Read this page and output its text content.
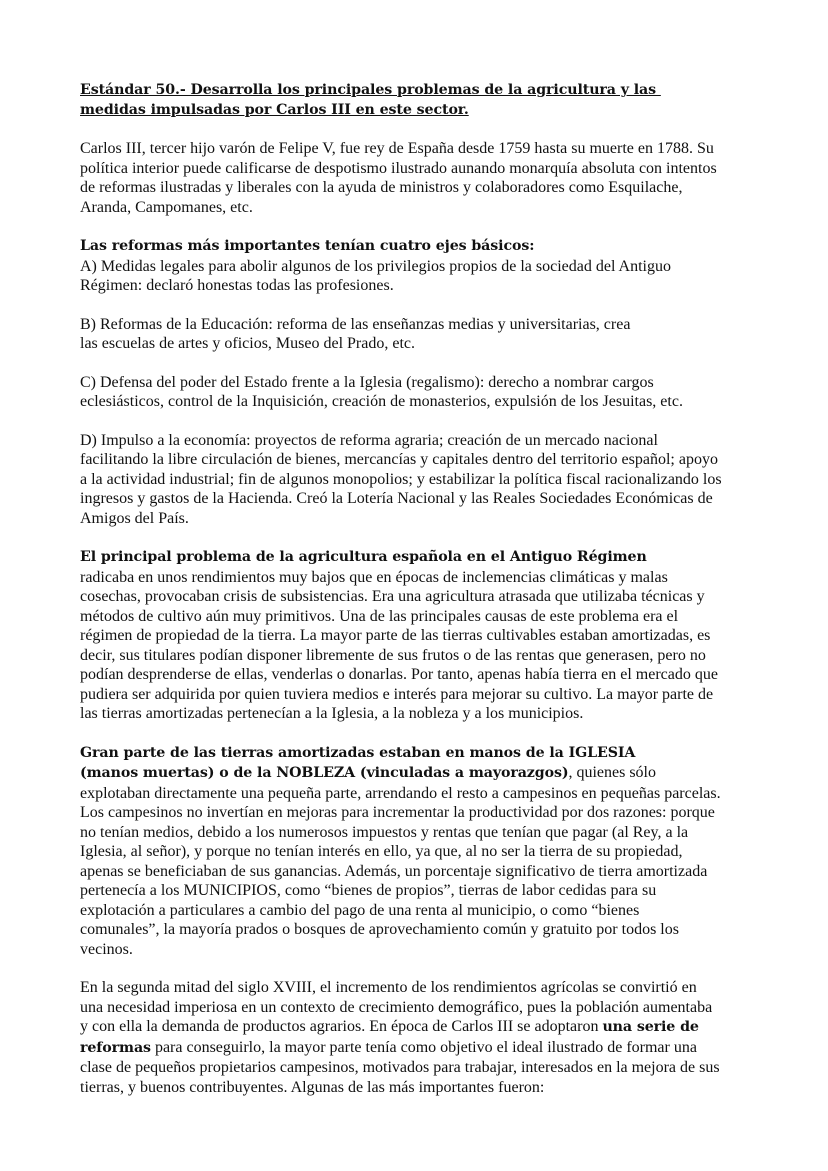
Estándar 50.- Desarrolla los principales problemas de la agricultura y las
medidas impulsadas por Carlos III en este sector.
Carlos III, tercer hijo varón de Felipe V, fue rey de España desde 1759 hasta su muerte en 1788. Su
política interior puede calificarse de despotismo ilustrado aunando monarquía absoluta con intentos
de reformas ilustradas y liberales con la ayuda de ministros y colaboradores como Esquilache,
Aranda, Campomanes, etc.
Las reformas más importantes tenían cuatro ejes básicos:
A) Medidas legales para abolir algunos de los privilegios propios de la sociedad del Antiguo
Régimen: declaró honestas todas las profesiones.
B) Reformas de la Educación: reforma de las enseñanzas medias y universitarias, crea
las escuelas de artes y oficios, Museo del Prado, etc.
C) Defensa del poder del Estado frente a la Iglesia (regalismo): derecho a nombrar cargos
eclesiásticos, control de la Inquisición, creación de monasterios, expulsión de los Jesuitas, etc.
D) Impulso a la economía: proyectos de reforma agraria; creación de un mercado nacional
facilitando la libre circulación de bienes, mercancías y capitales dentro del territorio español; apoyo
a la actividad industrial; fin de algunos monopolios; y estabilizar la política fiscal racionalizando los
ingresos y gastos de la Hacienda. Creó la Lotería Nacional y las Reales Sociedades Económicas de
Amigos del País.
El principal problema de la agricultura española en el Antiguo Régimen
radicaba en unos rendimientos muy bajos que en épocas de inclemencias climáticas y malas
cosechas, provocaban crisis de subsistencias. Era una agricultura atrasada que utilizaba técnicas y
métodos de cultivo aún muy primitivos. Una de las principales causas de este problema era el
régimen de propiedad de la tierra. La mayor parte de las tierras cultivables estaban amortizadas, es
decir, sus titulares podían disponer libremente de sus frutos o de las rentas que generasen, pero no
podían desprenderse de ellas, venderlas o donarlas. Por tanto, apenas había tierra en el mercado que
pudiera ser adquirida por quien tuviera medios e interés para mejorar su cultivo. La mayor parte de
las tierras amortizadas pertenecían a la Iglesia, a la nobleza y a los municipios.
Gran parte de las tierras amortizadas estaban en manos de la IGLESIA
(manos muertas) o de la NOBLEZA (vinculadas a mayorazgos), quienes sólo
explotaban directamente una pequeña parte, arrendando el resto a campesinos en pequeñas parcelas.
Los campesinos no invertían en mejoras para incrementar la productividad por dos razones: porque
no tenían medios, debido a los numerosos impuestos y rentas que tenían que pagar (al Rey, a la
Iglesia, al señor), y porque no tenían interés en ello, ya que, al no ser la tierra de su propiedad,
apenas se beneficiaban de sus ganancias. Además, un porcentaje significativo de tierra amortizada
pertenecía a los MUNICIPIOS, como “bienes de propios”, tierras de labor cedidas para su
explotación a particulares a cambio del pago de una renta al municipio, o como “bienes
comunales”, la mayoría prados o bosques de aprovechamiento común y gratuito por todos los
vecinos.
En la segunda mitad del siglo XVIII, el incremento de los rendimientos agrícolas se convirtió en
una necesidad imperiosa en un contexto de crecimiento demográfico, pues la población aumentaba
y con ella la demanda de productos agrarios. En época de Carlos III se adoptaron una serie de
reformas para conseguirlo, la mayor parte tenía como objetivo el ideal ilustrado de formar una
clase de pequeños propietarios campesinos, motivados para trabajar, interesados en la mejora de sus
tierras, y buenos contribuyentes. Algunas de las más importantes fueron:
